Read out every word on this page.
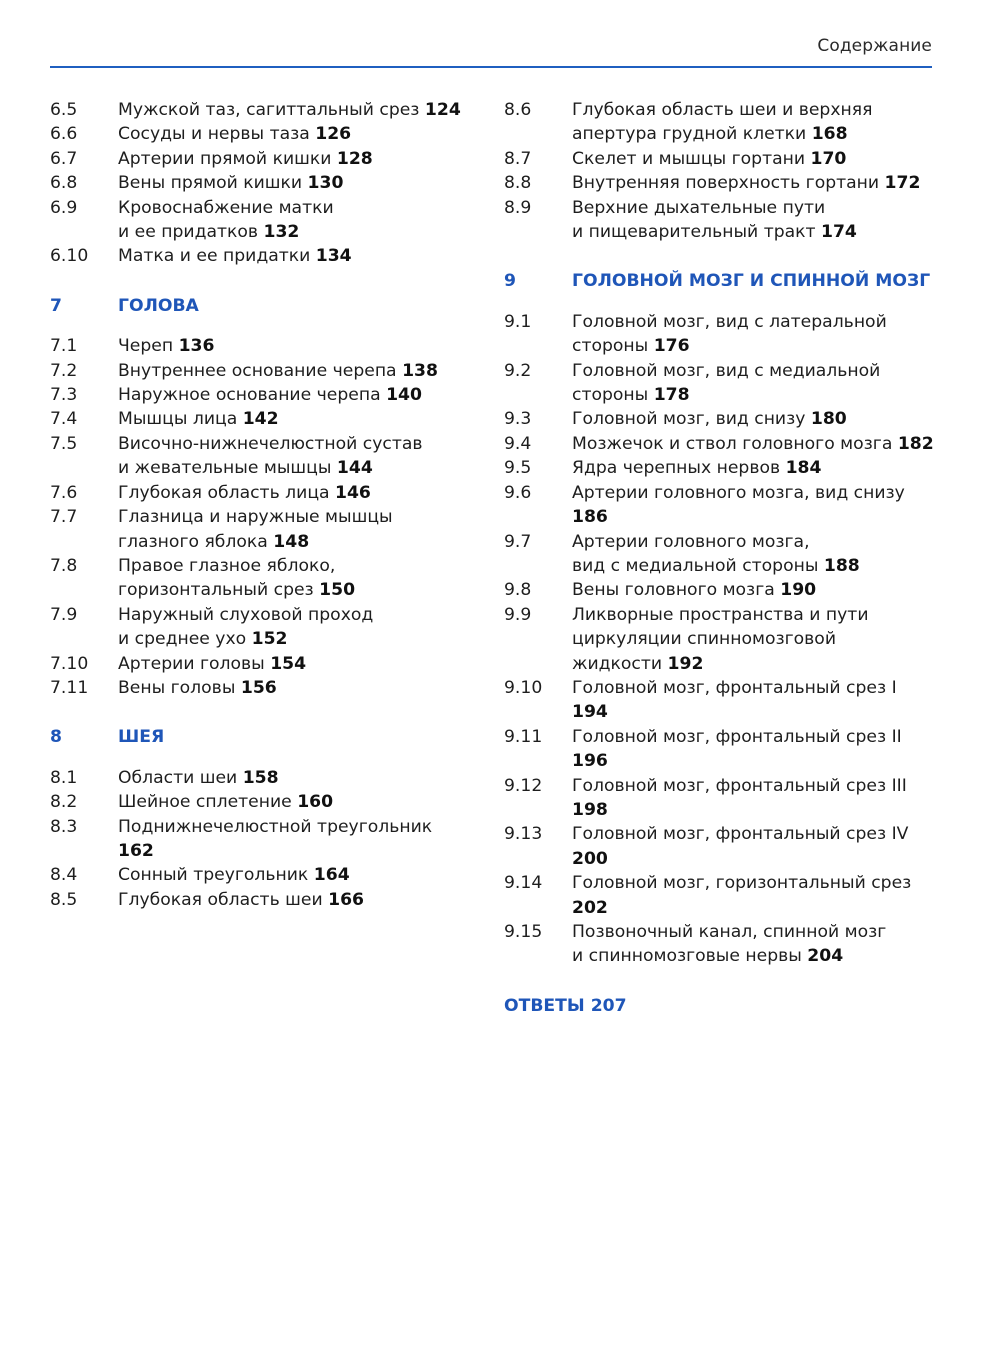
Содержание
6.5	Мужской таз, сагиттальный срез 124
6.6	Сосуды и нервы таза 126
6.7	Артерии прямой кишки 128
6.8	Вены прямой кишки 130
6.9	Кровоснабжение матки
и ее придатков 132
6.10	Матка и ее придатки 134
7	ГОЛОВА
7.1	Череп 136
7.2	Внутреннее основание черепа 138
7.3	Наружное основание черепа 140
7.4	Мышцы лица 142
7.5	Височно-нижнечелюстной сустав
и жевательные мышцы 144
7.6	Глубокая область лица 146
7.7	Глазница и наружные мышцы
глазного яблока 148
7.8	Правое глазное яблоко,
горизонтальный срез 150
7.9	Наружный слуховой проход
и среднее ухо 152
7.10	Артерии головы 154
7.11	Вены головы 156
8	ШЕЯ
8.1	Области шеи 158
8.2	Шейное сплетение 160
8.3	Поднижнечелюстной треугольник 162
8.4	Сонный треугольник 164
8.5	Глубокая область шеи 166
8.6	Глубокая область шеи и верхняя
апертура грудной клетки 168
8.7	Скелет и мышцы гортани 170
8.8	Внутренняя поверхность гортани 172
8.9	Верхние дыхательные пути
и пищеварительный тракт 174
9	ГОЛОВНОЙ МОЗГ И СПИННОЙ МОЗГ
9.1	Головной мозг, вид с латеральной
стороны 176
9.2	Головной мозг, вид с медиальной
стороны 178
9.3	Головной мозг, вид снизу 180
9.4	Мозжечок и ствол головного мозга 182
9.5	Ядра черепных нервов 184
9.6	Артерии головного мозга, вид снизу 186
9.7	Артерии головного мозга,
вид с медиальной стороны 188
9.8	Вены головного мозга 190
9.9	Ликворные пространства и пути
циркуляции спинномозговой
жидкости 192
9.10	Головной мозг, фронтальный срез I 194
9.11	Головной мозг, фронтальный срез II 196
9.12	Головной мозг, фронтальный срез III 198
9.13	Головной мозг, фронтальный срез IV 200
9.14	Головной мозг, горизонтальный срез 202
9.15	Позвоночный канал, спинной мозг
и спинномозговые нервы 204
ОТВЕТЫ 207
